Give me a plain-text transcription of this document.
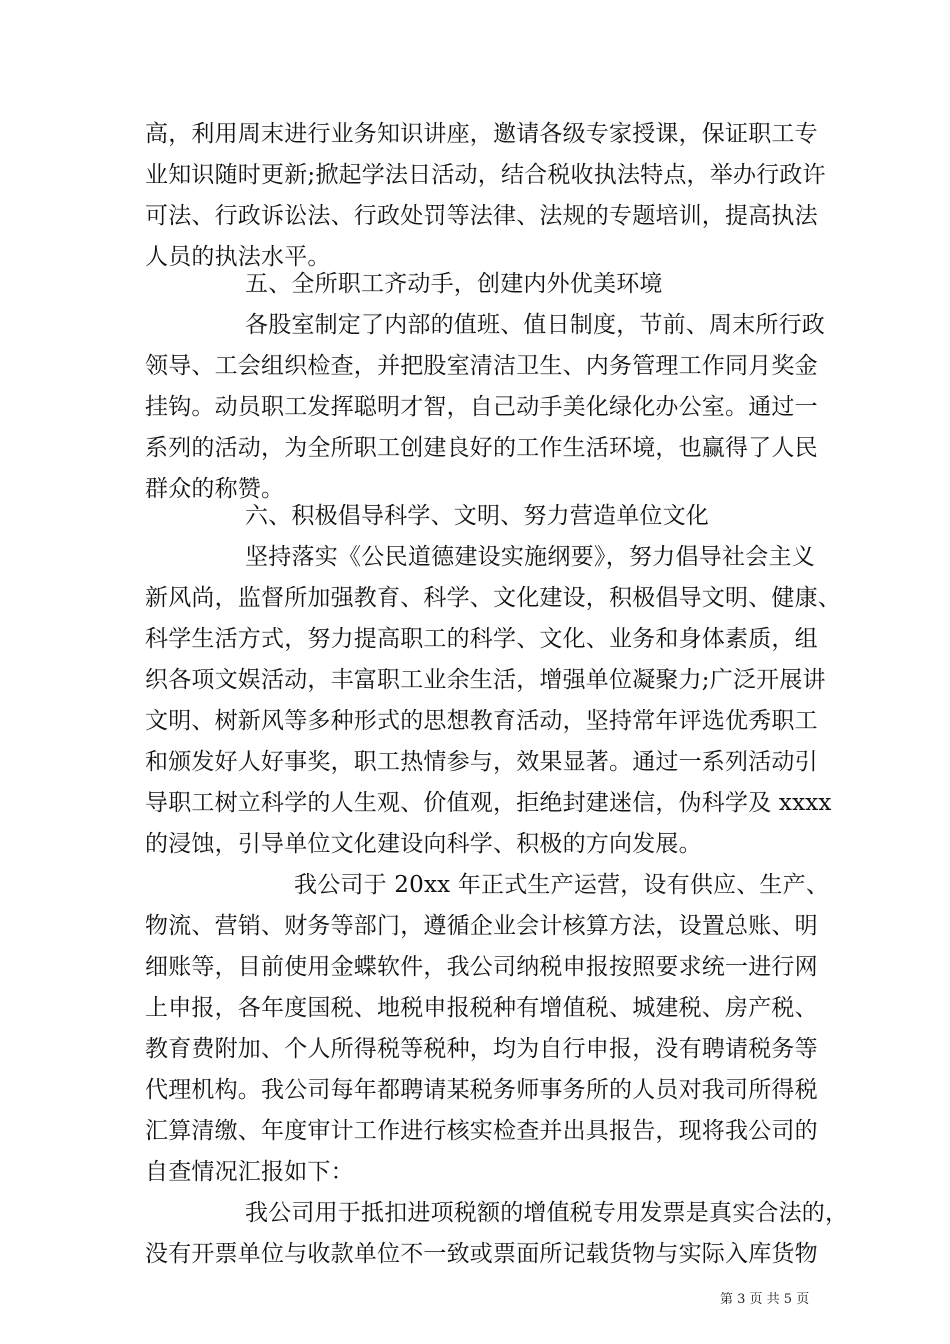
高，利用周末进行业务知识讲座，邀请各级专家授课，保证职工专
业知识随时更新;掀起学法日活动，结合税收执法特点，举办行政许
可法、行政诉讼法、行政处罚等法律、法规的专题培训，提高执法
人员的执法水平。
五、全所职工齐动手，创建内外优美环境
各股室制定了内部的值班、值日制度，节前、周末所行政
领导、工会组织检查，并把股室清洁卫生、内务管理工作同月奖金
挂钩。动员职工发挥聪明才智，自己动手美化绿化办公室。通过一
系列的活动，为全所职工创建良好的工作生活环境，也赢得了人民
群众的称赞。
六、积极倡导科学、文明、努力营造单位文化
坚持落实《公民道德建设实施纲要》，努力倡导社会主义
新风尚，监督所加强教育、科学、文化建设，积极倡导文明、健康、
科学生活方式，努力提高职工的科学、文化、业务和身体素质，组
织各项文娱活动，丰富职工业余生活，增强单位凝聚力;广泛开展讲
文明、树新风等多种形式的思想教育活动，坚持常年评选优秀职工
和颁发好人好事奖，职工热情参与，效果显著。通过一系列活动引
导职工树立科学的人生观、价值观，拒绝封建迷信，伪科学及 xxxx
的浸蚀，引导单位文化建设向科学、积极的方向发展。
我公司于 20xx 年正式生产运营，设有供应、生产、
物流、营销、财务等部门，遵循企业会计核算方法，设置总账、明
细账等，目前使用金蝶软件，我公司纳税申报按照要求统一进行网
上申报，各年度国税、地税申报税种有增值税、城建税、房产税、
教育费附加、个人所得税等税种，均为自行申报，没有聘请税务等
代理机构。我公司每年都聘请某税务师事务所的人员对我司所得税
汇算清缴、年度审计工作进行核实检查并出具报告，现将我公司的
自查情况汇报如下：
我公司用于抵扣进项税额的增值税专用发票是真实合法的，
没有开票单位与收款单位不一致或票面所记载货物与实际入库货物
第 3 页 共 5 页
